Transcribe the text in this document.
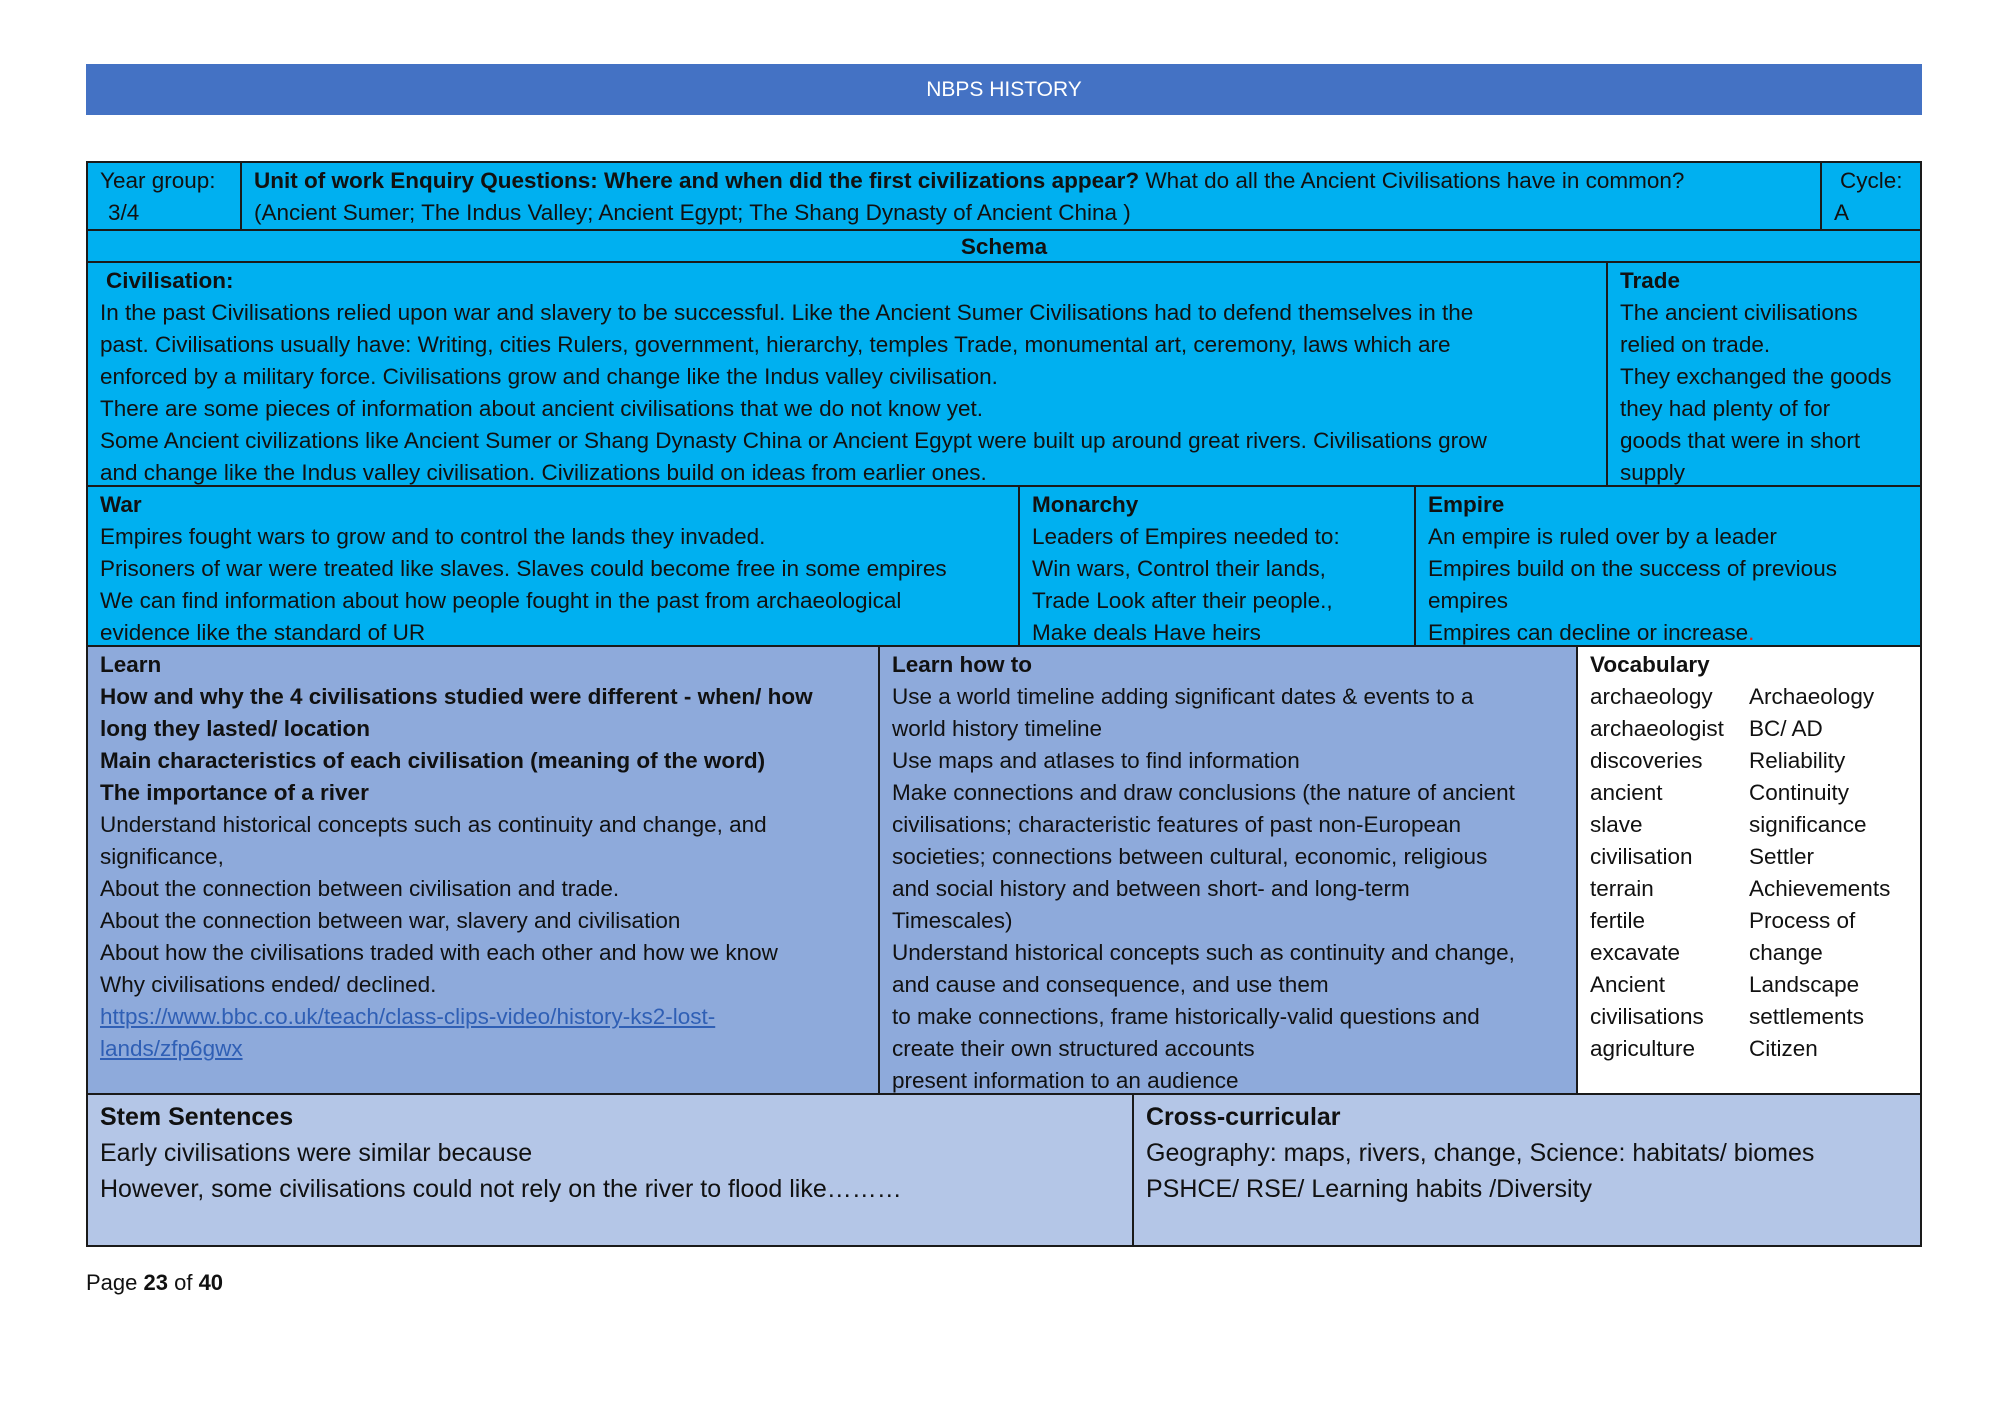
NBPS HISTORY
Year group:
3/4
Unit of work Enquiry Questions: Where and when did the first civilizations appear? What do all the Ancient Civilisations have in common?
(Ancient Sumer; The Indus Valley; Ancient Egypt; The Shang Dynasty of Ancient China )
Cycle:
A
Schema
Civilisation:
In the past Civilisations relied upon war and slavery to be successful. Like the Ancient Sumer Civilisations had to defend themselves in the
past. Civilisations usually have: Writing, cities Rulers, government, hierarchy, temples Trade, monumental art, ceremony, laws which are
enforced by a military force. Civilisations grow and change like the Indus valley civilisation.
There are some pieces of information about ancient civilisations that we do not know yet.
Some Ancient civilizations like Ancient Sumer or Shang Dynasty China or Ancient Egypt were built up around great rivers. Civilisations grow
and change like the Indus valley civilisation. Civilizations build on ideas from earlier ones.
Trade
The ancient civilisations
relied on trade.
They exchanged the goods
they had plenty of for
goods that were in short
supply
War
Empires fought wars to grow and to control the lands they invaded.
Prisoners of war were treated like slaves. Slaves could become free in some empires
We can find information about how people fought in the past from archaeological
evidence like the standard of UR
Monarchy
Leaders of Empires needed to:
Win wars, Control their lands,
Trade Look after their people.,
Make deals Have heirs
Empire
An empire is ruled over by a leader
Empires build on the success of previous
empires
Empires can decline or increase.
Learn
How and why the 4 civilisations studied were different - when/ how
long they lasted/ location
Main characteristics of each civilisation (meaning of the word)
The importance of a river
Understand historical concepts such as continuity and change, and
significance,
About the connection between civilisation and trade.
About the connection between war, slavery and civilisation
About how the civilisations traded with each other and how we know
Why civilisations ended/ declined.
https://www.bbc.co.uk/teach/class-clips-video/history-ks2-lost-
lands/zfp6gwx
Learn how to
Use a world timeline adding significant dates & events to a
world history timeline
Use maps and atlases to find information
Make connections and draw conclusions (the nature of ancient
civilisations; characteristic features of past non-European
societies; connections between cultural, economic, religious
and social history and between short- and long-term
Timescales)
Understand historical concepts such as continuity and change,
and cause and consequence, and use them
to make connections, frame historically-valid questions and
create their own structured accounts
present information to an audience
Vocabulary
archaeology
archaeologist
discoveries
ancient
slave
civilisation
terrain
fertile
excavate
Ancient
civilisations
agriculture
Archaeology
BC/ AD
Reliability
Continuity
significance
Settler
Achievements
Process of
change
Landscape
settlements
Citizen
Stem Sentences
Early civilisations were similar because
However, some civilisations could not rely on the river to flood like………
Cross-curricular
Geography: maps, rivers, change, Science: habitats/ biomes
PSHCE/ RSE/ Learning habits /Diversity
Page 23 of 40
